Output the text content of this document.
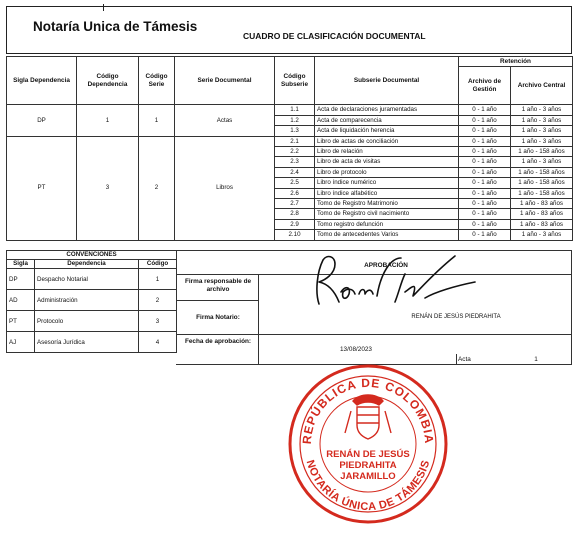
Notaría Unica de Támesis
CUADRO DE CLASIFICACIÓN DOCUMENTAL
Sigla Dependencia	Código Dependencia	Código Serie	Serie Documental	Código Subserie	Subserie Documental	Retención	
						Archivo de Gestión	Archivo Central
DP	1	1	Actas	1.1	Acta de declaraciones juramentadas	0 - 1 año	1 año - 3 años
				1.2	Acta de comparecencia	0 - 1 año	1 año - 3 años
				1.3	Acta de liquidación herencia	0 - 1 año	1 año - 3 años
PT	3	2	Libros	2.1	Libro de actas de conciliación	0 - 1 año	1 año - 3 años
				2.2	Libro de relación	0 - 1 año	1 año - 158 años
				2.3	Libro de acta de visitas	0 - 1 año	1 año - 3 años
				2.4	Libro de protocolo	0 - 1 año	1 año - 158 años
				2.5	Libro índice numérico	0 - 1 año	1 año - 158 años
				2.6	Libro índice alfabético	0 - 1 año	1 año - 158 años
				2.7	Tomo de Registro Matrimonio	0 - 1 año	1 año - 83 años
				2.8	Tomo de Registro civil nacimiento	0 - 1 año	1 año - 83 años
				2.9	Tomo registro defunción	0 - 1 año	1 año - 83 años
				2.10	Tomo de antecedentes Varios	0 - 1 año	1 año - 3 años
CONVENCIONES		
Sigla	Dependencia	Código
DP	Despacho Notarial	1
AD	Administración	2
PT	Protocolo	3
AJ	Asesoría Jurídica	4
APROBACIÓN
Firma responsable de archivo
Firma Notario:	RENÁN DE JESÚS PIEDRAHITA
Fecha de aprobación:
13/08/2023
Acta	1
REPÚBLICA DE COLOMBIA
NOTARÍA ÚNICA DE TÁMESIS
RENÁN DE JESÚS
PIEDRAHITA
JARAMILLO
